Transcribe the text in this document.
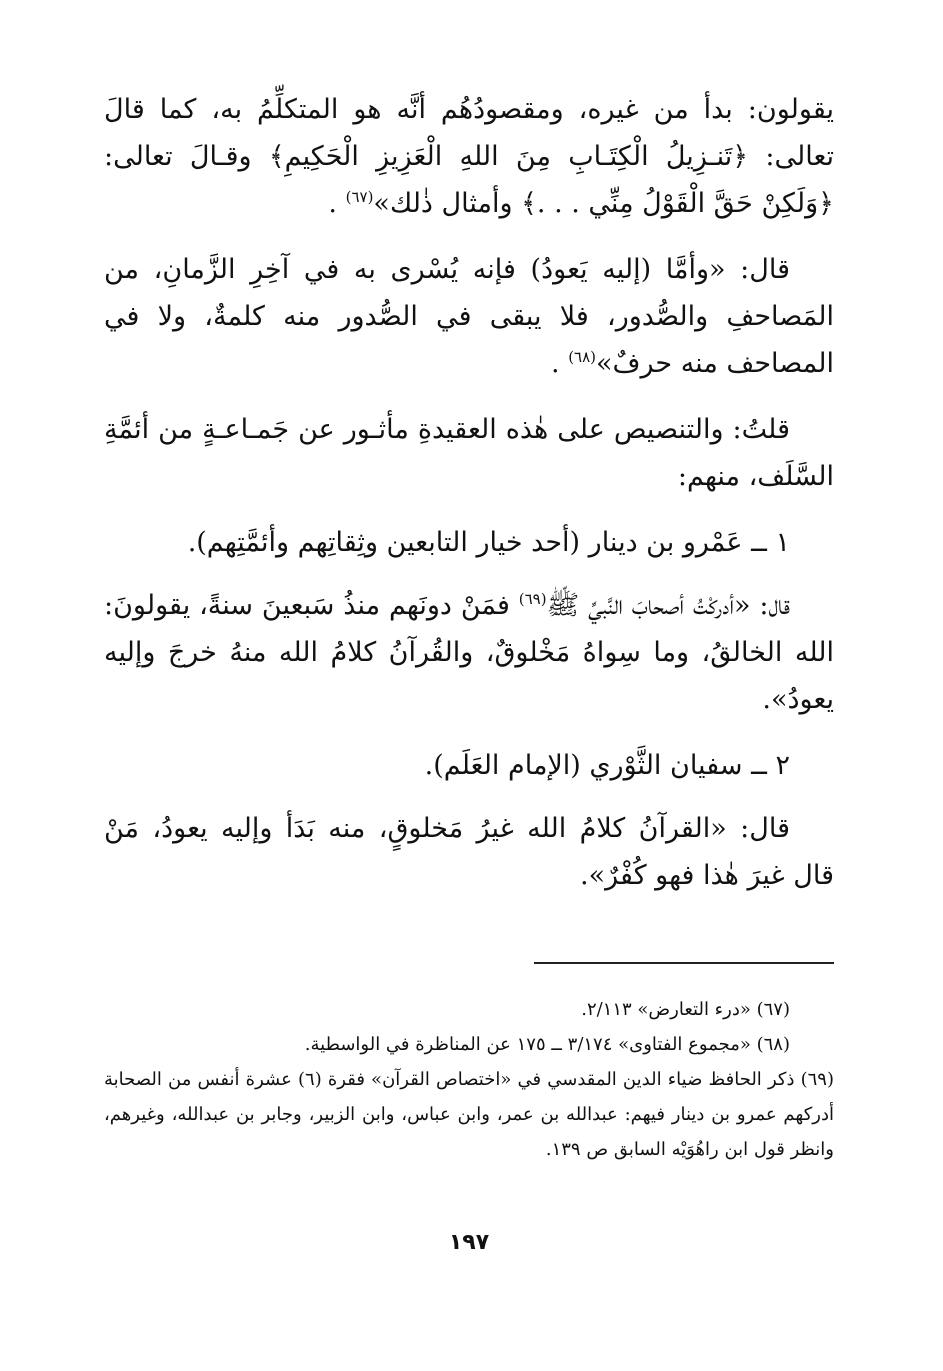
يقولون: بدأ من غيره، ومقصودُهُم أنَّه هو المتكلِّمُ به، كما قالَ تعالى: ﴿تَنـزِيلُ الْكِتَـابِ مِنَ اللهِ الْعَزِيزِ الْحَكِيمِ﴾ وقـالَ تعالى: ﴿وَلَكِنْ حَقَّ الْقَوْلُ مِنِّي . . .﴾ وأمثال ذٰلك»$^{(٦٧)}$ .

قال: «وأمَّا (إليه يَعودُ) فإنه يُسْرى به في آخِرِ الزَّمانِ، من المَصاحفِ والصُّدور، فلا يبقى في الصُّدور منه كلمةٌ، ولا في المصاحف منه حرفٌ»$^{(٦٨)}$ .

قلتُ: والتنصيص على هٰذه العقيدةِ مأثـور عن جَمـاعـةٍ من أئمَّةِ السَّلَف، منهم:

١ ــ عَمْرو بن دينار (أحد خيار التابعين وثِقاتِهم وأئمَّتِهم).

قال: «أدركْتُ أصحابَ النَّبيِّ ﷺ$^{(٦٩)}$ فمَنْ دونَهم منذُ سَبعينَ سنةً، يقولونَ: الله الخالقُ، وما سِواهُ مَخْلوقٌ، والقُرآنُ كلامُ الله منهُ خرجَ وإليه يعودُ».

٢ ــ سفيان الثَّوْري (الإمام العَلَم).

قال: «القرآنُ كلامُ الله غيرُ مَخلوقٍ، منه بَدَأ وإليه يعودُ، مَنْ قال غيرَ هٰذا فهو كُفْرٌ».

(٦٧) «درء التعارض» ٢/١١٣.

(٦٨) «مجموع الفتاوى» ٣/١٧٤ ــ ١٧٥ عن المناظرة في الواسطية.

(٦٩) ذكر الحافظ ضياء الدين المقدسي في «اختصاص القرآن» فقرة (٦) عشرة أنفس من الصحابة أدركهم عمرو بن دينار فيهم: عبدالله بن عمر، وابن عباس، وابن الزبير، وجابر بن عبدالله، وغيرهم، وانظر قول ابن راهُوَيْه السابق ص ١٣٩.

١٩٧
